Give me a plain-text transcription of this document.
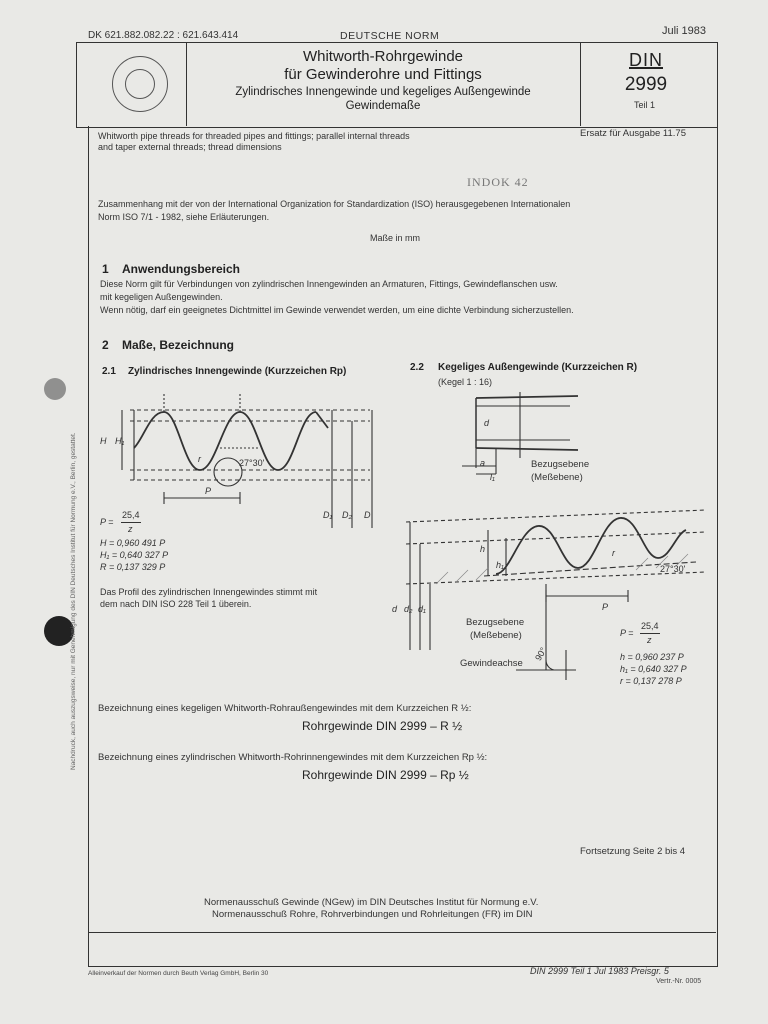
Nachdruck, auch auszugsweise, nur mit Genehmigung des DIN Deutsches Institut für Normung e.V., Berlin, gestattet.
DK 621.882.082.22 : 621.643.414	DEUTSCHE NORM	Juli 1983
Whitworth-Rohrgewinde
für Gewinderohre und Fittings
Zylindrisches Innengewinde und kegeliges Außengewinde
Gewindemaße
DIN
2999
Teil 1
Whitworth pipe threads for threaded pipes and fittings; parallel internal threads
and taper external threads; thread dimensions
Ersatz für Ausgabe 11.75
INDOK 42
Zusammenhang mit der von der International Organization for Standardization (ISO) herausgegebenen Internationalen
Norm ISO 7/1 - 1982, siehe Erläuterungen.
Maße in mm
1 Anwendungsbereich
Diese Norm gilt für Verbindungen von zylindrischen Innengewinden an Armaturen, Fittings, Gewindeflanschen usw.
mit kegeligen Außengewinden.
Wenn nötig, darf ein geeignetes Dichtmittel im Gewinde verwendet werden, um eine dichte Verbindung sicherzustellen.
2 Maße, Bezeichnung
2.1 Zylindrisches Innengewinde (Kurzzeichen Rp)	2.2 Kegeliges Außengewinde (Kurzzeichen R)
(Kegel 1 : 16)
27°30'
P
H H₁
r
D₁ D₂ D
P =
25,4
z
H = 0,960 491 P
H₁ = 0,640 327 P
R = 0,137 329 P
Das Profil des zylindrischen Innengewindes stimmt mit
dem nach DIN ISO 228 Teil 1 überein.
d
a
l₁
Bezugsebene
(Meßebene)
h
h₁
r
27°30'
P
d d₂ d₁
Bezugsebene
(Meßebene)
90°
Gewindeachse
P =
25,4
z
h = 0,960 237 P
h₁ = 0,640 327 P
r = 0,137 278 P
Bezeichnung eines kegeligen Whitworth-Rohraußengewindes mit dem Kurzzeichen R ½:
Rohrgewinde DIN 2999 – R ½
Bezeichnung eines zylindrischen Whitworth-Rohrinnengewindes mit dem Kurzzeichen Rp ½:
Rohrgewinde DIN 2999 – Rp ½
Fortsetzung Seite 2 bis 4
Normenausschuß Gewinde (NGew) im DIN Deutsches Institut für Normung e.V.
Normenausschuß Rohre, Rohrverbindungen und Rohrleitungen (FR) im DIN
Alleinverkauf der Normen durch Beuth Verlag GmbH, Berlin 30	DIN 2999 Teil 1 Jul 1983 Preisgr. 5
Vertr.-Nr. 0005
